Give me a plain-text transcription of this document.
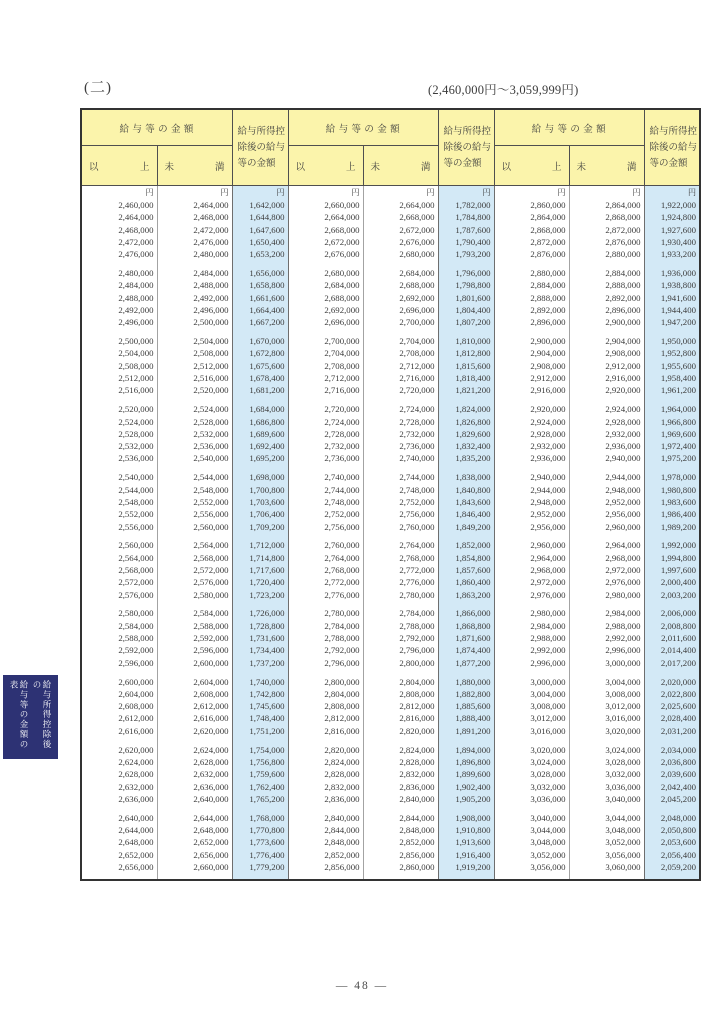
(二)	(2,460,000円〜3,059,999円)
給与所得控除後の
給与等の金額の表
給 与 等 の 金 額	給与所得控
除後の給与
等の金額
	給 与 等 の 金 額	給与所得控
除後の給与
等の金額
	給 与 等 の 金 額	給与所得控
除後の給与
等の金額

以 上	未 満		以 上	未 満		以 上	未 満	

円	円	円	円	円	円	円	円	円
2,460,000	2,464,000	1,642,000	2,660,000	2,664,000	1,782,000	2,860,000	2,864,000	1,922,000
2,464,000	2,468,000	1,644,800	2,664,000	2,668,000	1,784,800	2,864,000	2,868,000	1,924,800
2,468,000	2,472,000	1,647,600	2,668,000	2,672,000	1,787,600	2,868,000	2,872,000	1,927,600
2,472,000	2,476,000	1,650,400	2,672,000	2,676,000	1,790,400	2,872,000	2,876,000	1,930,400
2,476,000	2,480,000	1,653,200	2,676,000	2,680,000	1,793,200	2,876,000	2,880,000	1,933,200

2,480,000	2,484,000	1,656,000	2,680,000	2,684,000	1,796,000	2,880,000	2,884,000	1,936,000
2,484,000	2,488,000	1,658,800	2,684,000	2,688,000	1,798,800	2,884,000	2,888,000	1,938,800
2,488,000	2,492,000	1,661,600	2,688,000	2,692,000	1,801,600	2,888,000	2,892,000	1,941,600
2,492,000	2,496,000	1,664,400	2,692,000	2,696,000	1,804,400	2,892,000	2,896,000	1,944,400
2,496,000	2,500,000	1,667,200	2,696,000	2,700,000	1,807,200	2,896,000	2,900,000	1,947,200

2,500,000	2,504,000	1,670,000	2,700,000	2,704,000	1,810,000	2,900,000	2,904,000	1,950,000
2,504,000	2,508,000	1,672,800	2,704,000	2,708,000	1,812,800	2,904,000	2,908,000	1,952,800
2,508,000	2,512,000	1,675,600	2,708,000	2,712,000	1,815,600	2,908,000	2,912,000	1,955,600
2,512,000	2,516,000	1,678,400	2,712,000	2,716,000	1,818,400	2,912,000	2,916,000	1,958,400
2,516,000	2,520,000	1,681,200	2,716,000	2,720,000	1,821,200	2,916,000	2,920,000	1,961,200

2,520,000	2,524,000	1,684,000	2,720,000	2,724,000	1,824,000	2,920,000	2,924,000	1,964,000
2,524,000	2,528,000	1,686,800	2,724,000	2,728,000	1,826,800	2,924,000	2,928,000	1,966,800
2,528,000	2,532,000	1,689,600	2,728,000	2,732,000	1,829,600	2,928,000	2,932,000	1,969,600
2,532,000	2,536,000	1,692,400	2,732,000	2,736,000	1,832,400	2,932,000	2,936,000	1,972,400
2,536,000	2,540,000	1,695,200	2,736,000	2,740,000	1,835,200	2,936,000	2,940,000	1,975,200

2,540,000	2,544,000	1,698,000	2,740,000	2,744,000	1,838,000	2,940,000	2,944,000	1,978,000
2,544,000	2,548,000	1,700,800	2,744,000	2,748,000	1,840,800	2,944,000	2,948,000	1,980,800
2,548,000	2,552,000	1,703,600	2,748,000	2,752,000	1,843,600	2,948,000	2,952,000	1,983,600
2,552,000	2,556,000	1,706,400	2,752,000	2,756,000	1,846,400	2,952,000	2,956,000	1,986,400
2,556,000	2,560,000	1,709,200	2,756,000	2,760,000	1,849,200	2,956,000	2,960,000	1,989,200

2,560,000	2,564,000	1,712,000	2,760,000	2,764,000	1,852,000	2,960,000	2,964,000	1,992,000
2,564,000	2,568,000	1,714,800	2,764,000	2,768,000	1,854,800	2,964,000	2,968,000	1,994,800
2,568,000	2,572,000	1,717,600	2,768,000	2,772,000	1,857,600	2,968,000	2,972,000	1,997,600
2,572,000	2,576,000	1,720,400	2,772,000	2,776,000	1,860,400	2,972,000	2,976,000	2,000,400
2,576,000	2,580,000	1,723,200	2,776,000	2,780,000	1,863,200	2,976,000	2,980,000	2,003,200

2,580,000	2,584,000	1,726,000	2,780,000	2,784,000	1,866,000	2,980,000	2,984,000	2,006,000
2,584,000	2,588,000	1,728,800	2,784,000	2,788,000	1,868,800	2,984,000	2,988,000	2,008,800
2,588,000	2,592,000	1,731,600	2,788,000	2,792,000	1,871,600	2,988,000	2,992,000	2,011,600
2,592,000	2,596,000	1,734,400	2,792,000	2,796,000	1,874,400	2,992,000	2,996,000	2,014,400
2,596,000	2,600,000	1,737,200	2,796,000	2,800,000	1,877,200	2,996,000	3,000,000	2,017,200

2,600,000	2,604,000	1,740,000	2,800,000	2,804,000	1,880,000	3,000,000	3,004,000	2,020,000
2,604,000	2,608,000	1,742,800	2,804,000	2,808,000	1,882,800	3,004,000	3,008,000	2,022,800
2,608,000	2,612,000	1,745,600	2,808,000	2,812,000	1,885,600	3,008,000	3,012,000	2,025,600
2,612,000	2,616,000	1,748,400	2,812,000	2,816,000	1,888,400	3,012,000	3,016,000	2,028,400
2,616,000	2,620,000	1,751,200	2,816,000	2,820,000	1,891,200	3,016,000	3,020,000	2,031,200

2,620,000	2,624,000	1,754,000	2,820,000	2,824,000	1,894,000	3,020,000	3,024,000	2,034,000
2,624,000	2,628,000	1,756,800	2,824,000	2,828,000	1,896,800	3,024,000	3,028,000	2,036,800
2,628,000	2,632,000	1,759,600	2,828,000	2,832,000	1,899,600	3,028,000	3,032,000	2,039,600
2,632,000	2,636,000	1,762,400	2,832,000	2,836,000	1,902,400	3,032,000	3,036,000	2,042,400
2,636,000	2,640,000	1,765,200	2,836,000	2,840,000	1,905,200	3,036,000	3,040,000	2,045,200

2,640,000	2,644,000	1,768,000	2,840,000	2,844,000	1,908,000	3,040,000	3,044,000	2,048,000
2,644,000	2,648,000	1,770,800	2,844,000	2,848,000	1,910,800	3,044,000	3,048,000	2,050,800
2,648,000	2,652,000	1,773,600	2,848,000	2,852,000	1,913,600	3,048,000	3,052,000	2,053,600
2,652,000	2,656,000	1,776,400	2,852,000	2,856,000	1,916,400	3,052,000	3,056,000	2,056,400
2,656,000	2,660,000	1,779,200	2,856,000	2,860,000	1,919,200	3,056,000	3,060,000	2,059,200

― 48 ―
